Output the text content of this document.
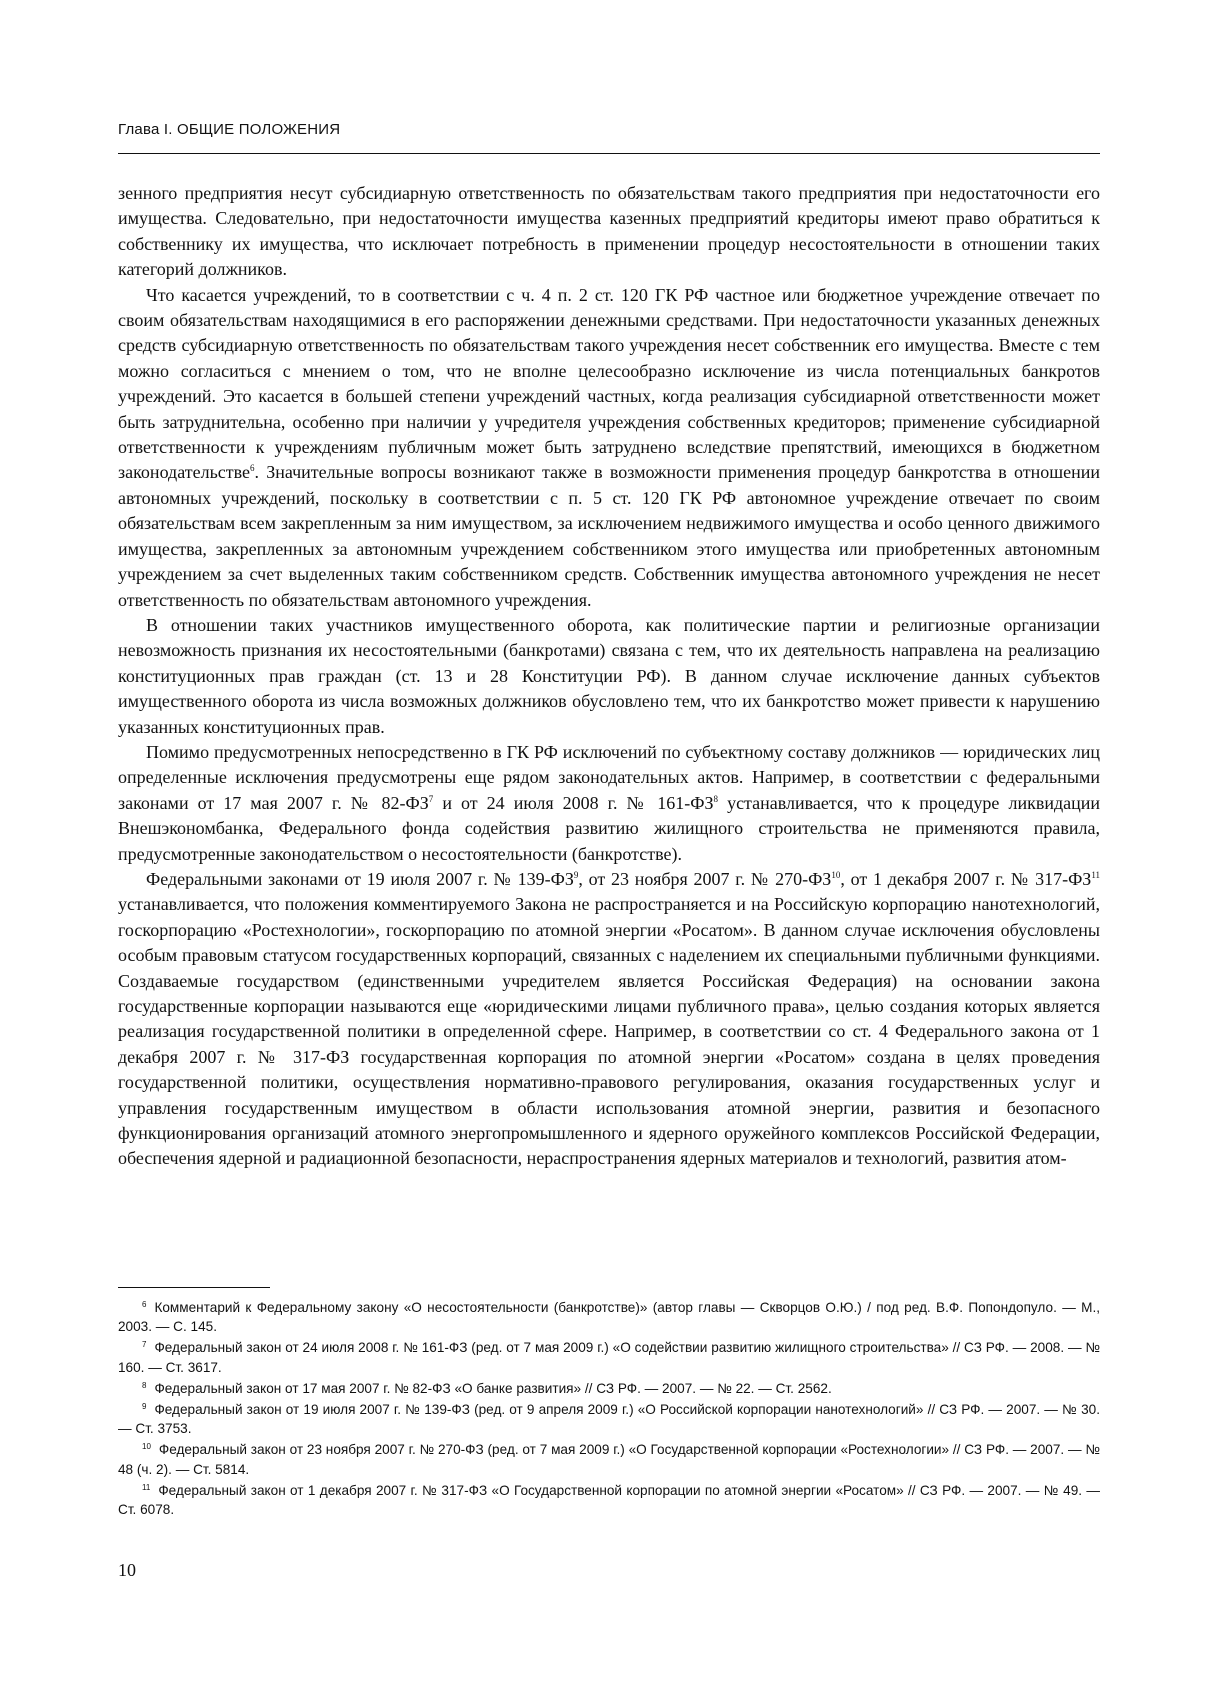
Глава I. ОБЩИЕ ПОЛОЖЕНИЯ

зенного предприятия несут субсидиарную ответственность по обязательствам такого предприятия при недостаточности его имущества. Следовательно, при недостаточности имущества казенных предприятий кредиторы имеют право обратиться к собственнику их имущества, что исключает потребность в применении процедур несостоятельности в отношении таких категорий должников.

Что касается учреждений, то в соответствии с ч. 4 п. 2 ст. 120 ГК РФ частное или бюджетное учреждение отвечает по своим обязательствам находящимися в его распоряжении денежными средствами. При недостаточности указанных денежных средств субсидиарную ответственность по обязательствам такого учреждения несет собственник его имущества. Вместе с тем можно согласиться с мнением о том, что не вполне целесообразно исключение из числа потенциальных банкротов учреждений. Это касается в большей степени учреждений частных, когда реализация субсидиарной ответственности может быть затруднительна, особенно при наличии у учредителя учреждения собственных кредиторов; применение субсидиарной ответственности к учреждениям публичным может быть затруднено вследствие препятствий, имеющихся в бюджетном законодательстве$^6$. Значительные вопросы возникают также в возможности применения процедур банкротства в отношении автономных учреждений, поскольку в соответствии с п. 5 ст. 120 ГК РФ автономное учреждение отвечает по своим обязательствам всем закрепленным за ним имуществом, за исключением недвижимого имущества и особо ценного движимого имущества, закрепленных за автономным учреждением собственником этого имущества или приобретенных автономным учреждением за счет выделенных таким собственником средств. Собственник имущества автономного учреждения не несет ответственность по обязательствам автономного учреждения.

В отношении таких участников имущественного оборота, как политические партии и религиозные организации невозможность признания их несостоятельными (банкротами) связана с тем, что их деятельность направлена на реализацию конституционных прав граждан (ст. 13 и 28 Конституции РФ). В данном случае исключение данных субъектов имущественного оборота из числа возможных должников обусловлено тем, что их банкротство может привести к нарушению указанных конституционных прав.

Помимо предусмотренных непосредственно в ГК РФ исключений по субъектному составу должников — юридических лиц определенные исключения предусмотрены еще рядом законодательных актов. Например, в соответствии с федеральными законами от 17 мая 2007 г. № $82-ФЗ^7$ и от 24 июля 2008 г. № $161-ФЗ^8$ устанавливается, что к процедуре ликвидации Внешэкономбанка, Федерального фонда содействия развитию жилищного строительства не применяются правила, предусмотренные законодательством о несостоятельности (банкротстве).

Федеральными законами от 19 июля 2007 г. № $139-ФЗ^9$, от 23 ноября 2007 г. № 270-ФЗ$^{10}$, от 1 декабря 2007 г. № 317-ФЗ$^{11}$ устанавливается, что положения комментируемого Закона не распространяется и на Российскую корпорацию нанотехнологий, госкорпорацию «Ростехнологии», госкорпорацию по атомной энергии «Росатом». В данном случае исключения обусловлены особым правовым статусом государственных корпораций, связанных с наделением их специальными публичными функциями. Создаваемые государством (единственными учредителем является Российская Федерация) на основании закона государственные корпорации называются еще «юридическими лицами публичного права», целью создания которых является реализация государственной политики в определенной сфере. Например, в соответствии со ст. 4 Федерального закона от 1 декабря 2007 г. № 317-ФЗ государственная корпорация по атомной энергии «Росатом» создана в целях проведения государственной политики, осуществления нормативно-правового регулирования, оказания государственных услуг и управления государственным имуществом в области использования атомной энергии, развития и безопасного функционирования организаций атомного энергопромышленного и ядерного оружейного комплексов Российской Федерации, обеспечения ядерной и радиационной безопасности, нераспространения ядерных материалов и технологий, развития атом-

$^6$ Комментарий к Федеральному закону «О несостоятельности (банкротстве)» (автор главы — Скворцов О.Ю.) / под ред. В.Ф. Попондопуло. — М., 2003. — С. 145.

$^7$ Федеральный закон от 24 июля 2008 г. № 161-ФЗ (ред. от 7 мая 2009 г.) «О содействии развитию жилищного строительства» // СЗ РФ. — 2008. — № 160. — Ст. 3617.

$^8$ Федеральный закон от 17 мая 2007 г. № 82-ФЗ «О банке развития» // СЗ РФ. — 2007. — № 22. — Ст. 2562.

$^9$ Федеральный закон от 19 июля 2007 г. № 139-ФЗ (ред. от 9 апреля 2009 г.) «О Российской корпорации нанотехнологий» // СЗ РФ. — 2007. — № 30. — Ст. 3753.

$^{10}$ Федеральный закон от 23 ноября 2007 г. № 270-ФЗ (ред. от 7 мая 2009 г.) «О Государственной корпорации «Ростехнологии» // СЗ РФ. — 2007. — № 48 (ч. 2). — Ст. 5814.

$^{11}$ Федеральный закон от 1 декабря 2007 г. № 317-ФЗ «О Государственной корпорации по атомной энергии «Росатом» // СЗ РФ. — 2007. — № 49. — Ст. 6078.

10
